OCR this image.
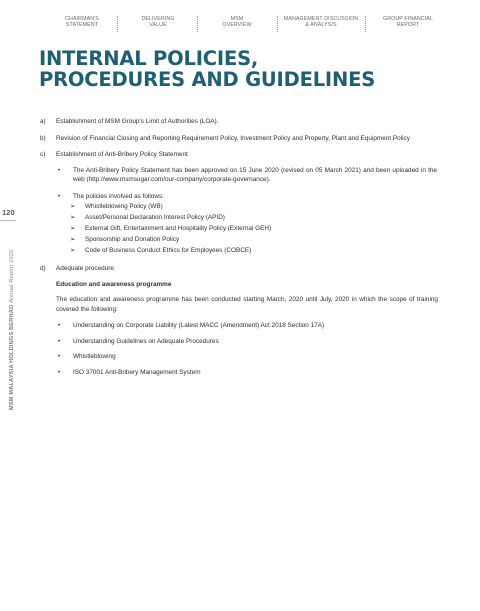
CHAIRMAN'S
STATEMENT
DELIVERING
VALUE
MSM
OVERVIEW
MANAGEMENT DISCUSSION
& ANALYSIS
GROUP FINANCIAL
REPORT
INTERNAL POLICIES,
PROCEDURES AND GUIDELINES
120
MSM MALAYSIA HOLDINGS BERHAD Annual Report 2020
a) Establishment of MSM Group's Limit of Authorities (LOA).
b) Revision of Financial Closing and Reporting Requirement Policy, Investment Policy and Property, Plant and Equipment Policy
c) Establishment of Anti-Bribery Policy Statement
• The Anti-Bribery Policy Statement has been approved on 15 June 2020 (revised on 05 March 2021) and been uploaded in the web (http://www.msmsugar.com/our-company/corporate-governance).
• The policies involved as follows:
➢ Whistleblowing Policy (WB)
➢ Asset/Personal Declaration Interest Policy (APID)
➢ External Gift, Entertainment and Hospitality Policy (External GEH)
➢ Sponsorship and Donation Policy
➢ Code of Business Conduct Ethics for Employees (COBCE)
d) Adequate procedure
Education and awareness programme
The education and awareness programme has been conducted starting March, 2020 until July, 2020 in which the scope of training covered the following:
• Understanding on Corporate Liability (Latest MACC (Amendment) Act 2018 Section 17A)
• Understanding Guidelines on Adequate Procedures
• Whistleblowing
• ISO 37001 Anti-Bribery Management System
